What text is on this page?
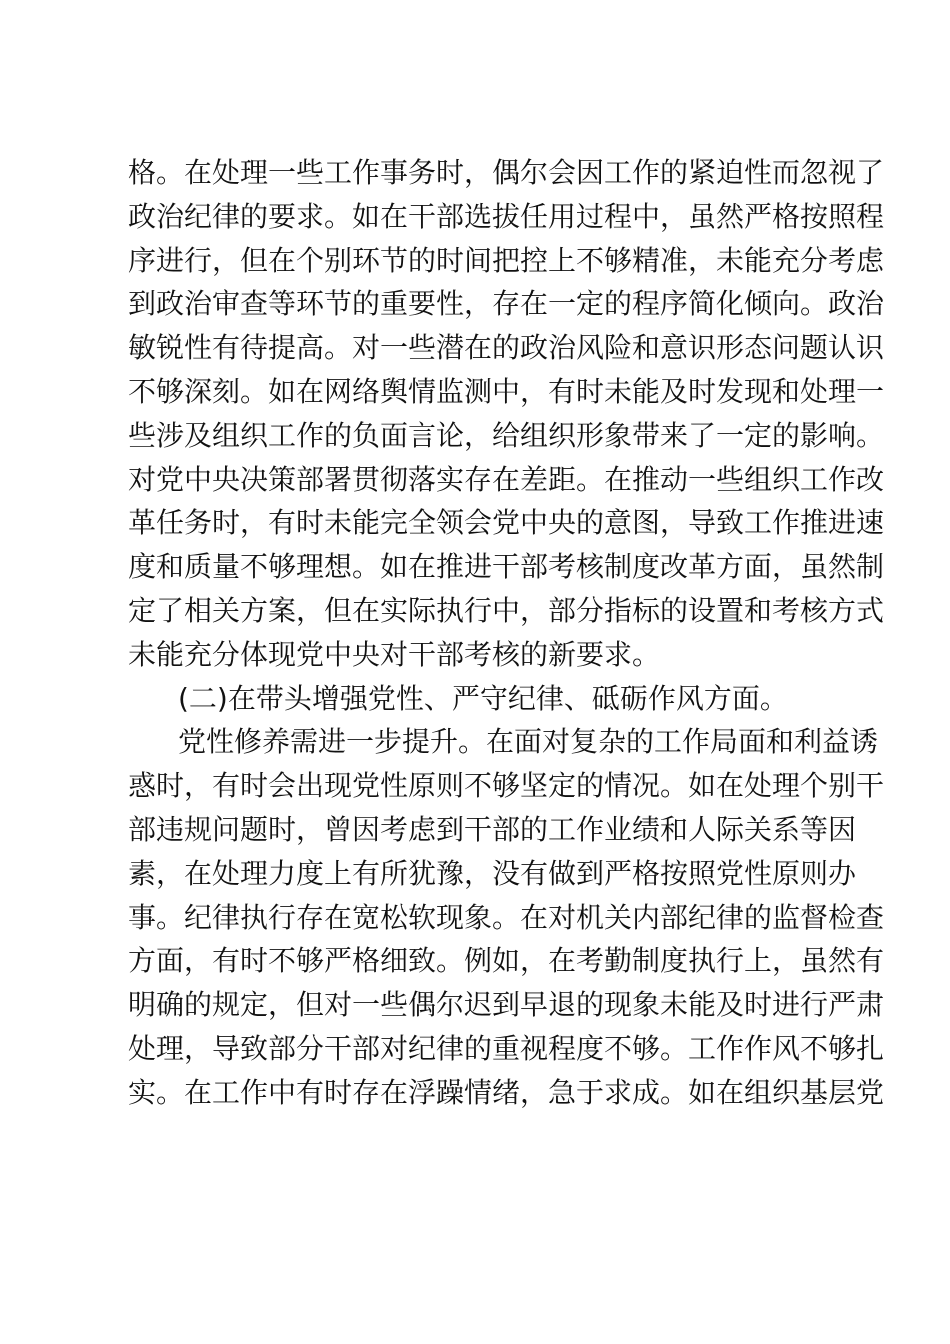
格。在处理一些工作事务时，偶尔会因工作的紧迫性而忽视了
政治纪律的要求。如在干部选拔任用过程中，虽然严格按照程
序进行，但在个别环节的时间把控上不够精准，未能充分考虑
到政治审查等环节的重要性，存在一定的程序简化倾向。政治
敏锐性有待提高。对一些潜在的政治风险和意识形态问题认识
不够深刻。如在网络舆情监测中，有时未能及时发现和处理一
些涉及组织工作的负面言论，给组织形象带来了一定的影响。
对党中央决策部署贯彻落实存在差距。在推动一些组织工作改
革任务时，有时未能完全领会党中央的意图，导致工作推进速
度和质量不够理想。如在推进干部考核制度改革方面，虽然制
定了相关方案，但在实际执行中，部分指标的设置和考核方式
未能充分体现党中央对干部考核的新要求。
(二)在带头增强党性、严守纪律、砥砺作风方面。
党性修养需进一步提升。在面对复杂的工作局面和利益诱
惑时，有时会出现党性原则不够坚定的情况。如在处理个别干
部违规问题时，曾因考虑到干部的工作业绩和人际关系等因
素，在处理力度上有所犹豫，没有做到严格按照党性原则办
事。纪律执行存在宽松软现象。在对机关内部纪律的监督检查
方面，有时不够严格细致。例如，在考勤制度执行上，虽然有
明确的规定，但对一些偶尔迟到早退的现象未能及时进行严肃
处理，导致部分干部对纪律的重视程度不够。工作作风不够扎
实。在工作中有时存在浮躁情绪，急于求成。如在组织基层党
